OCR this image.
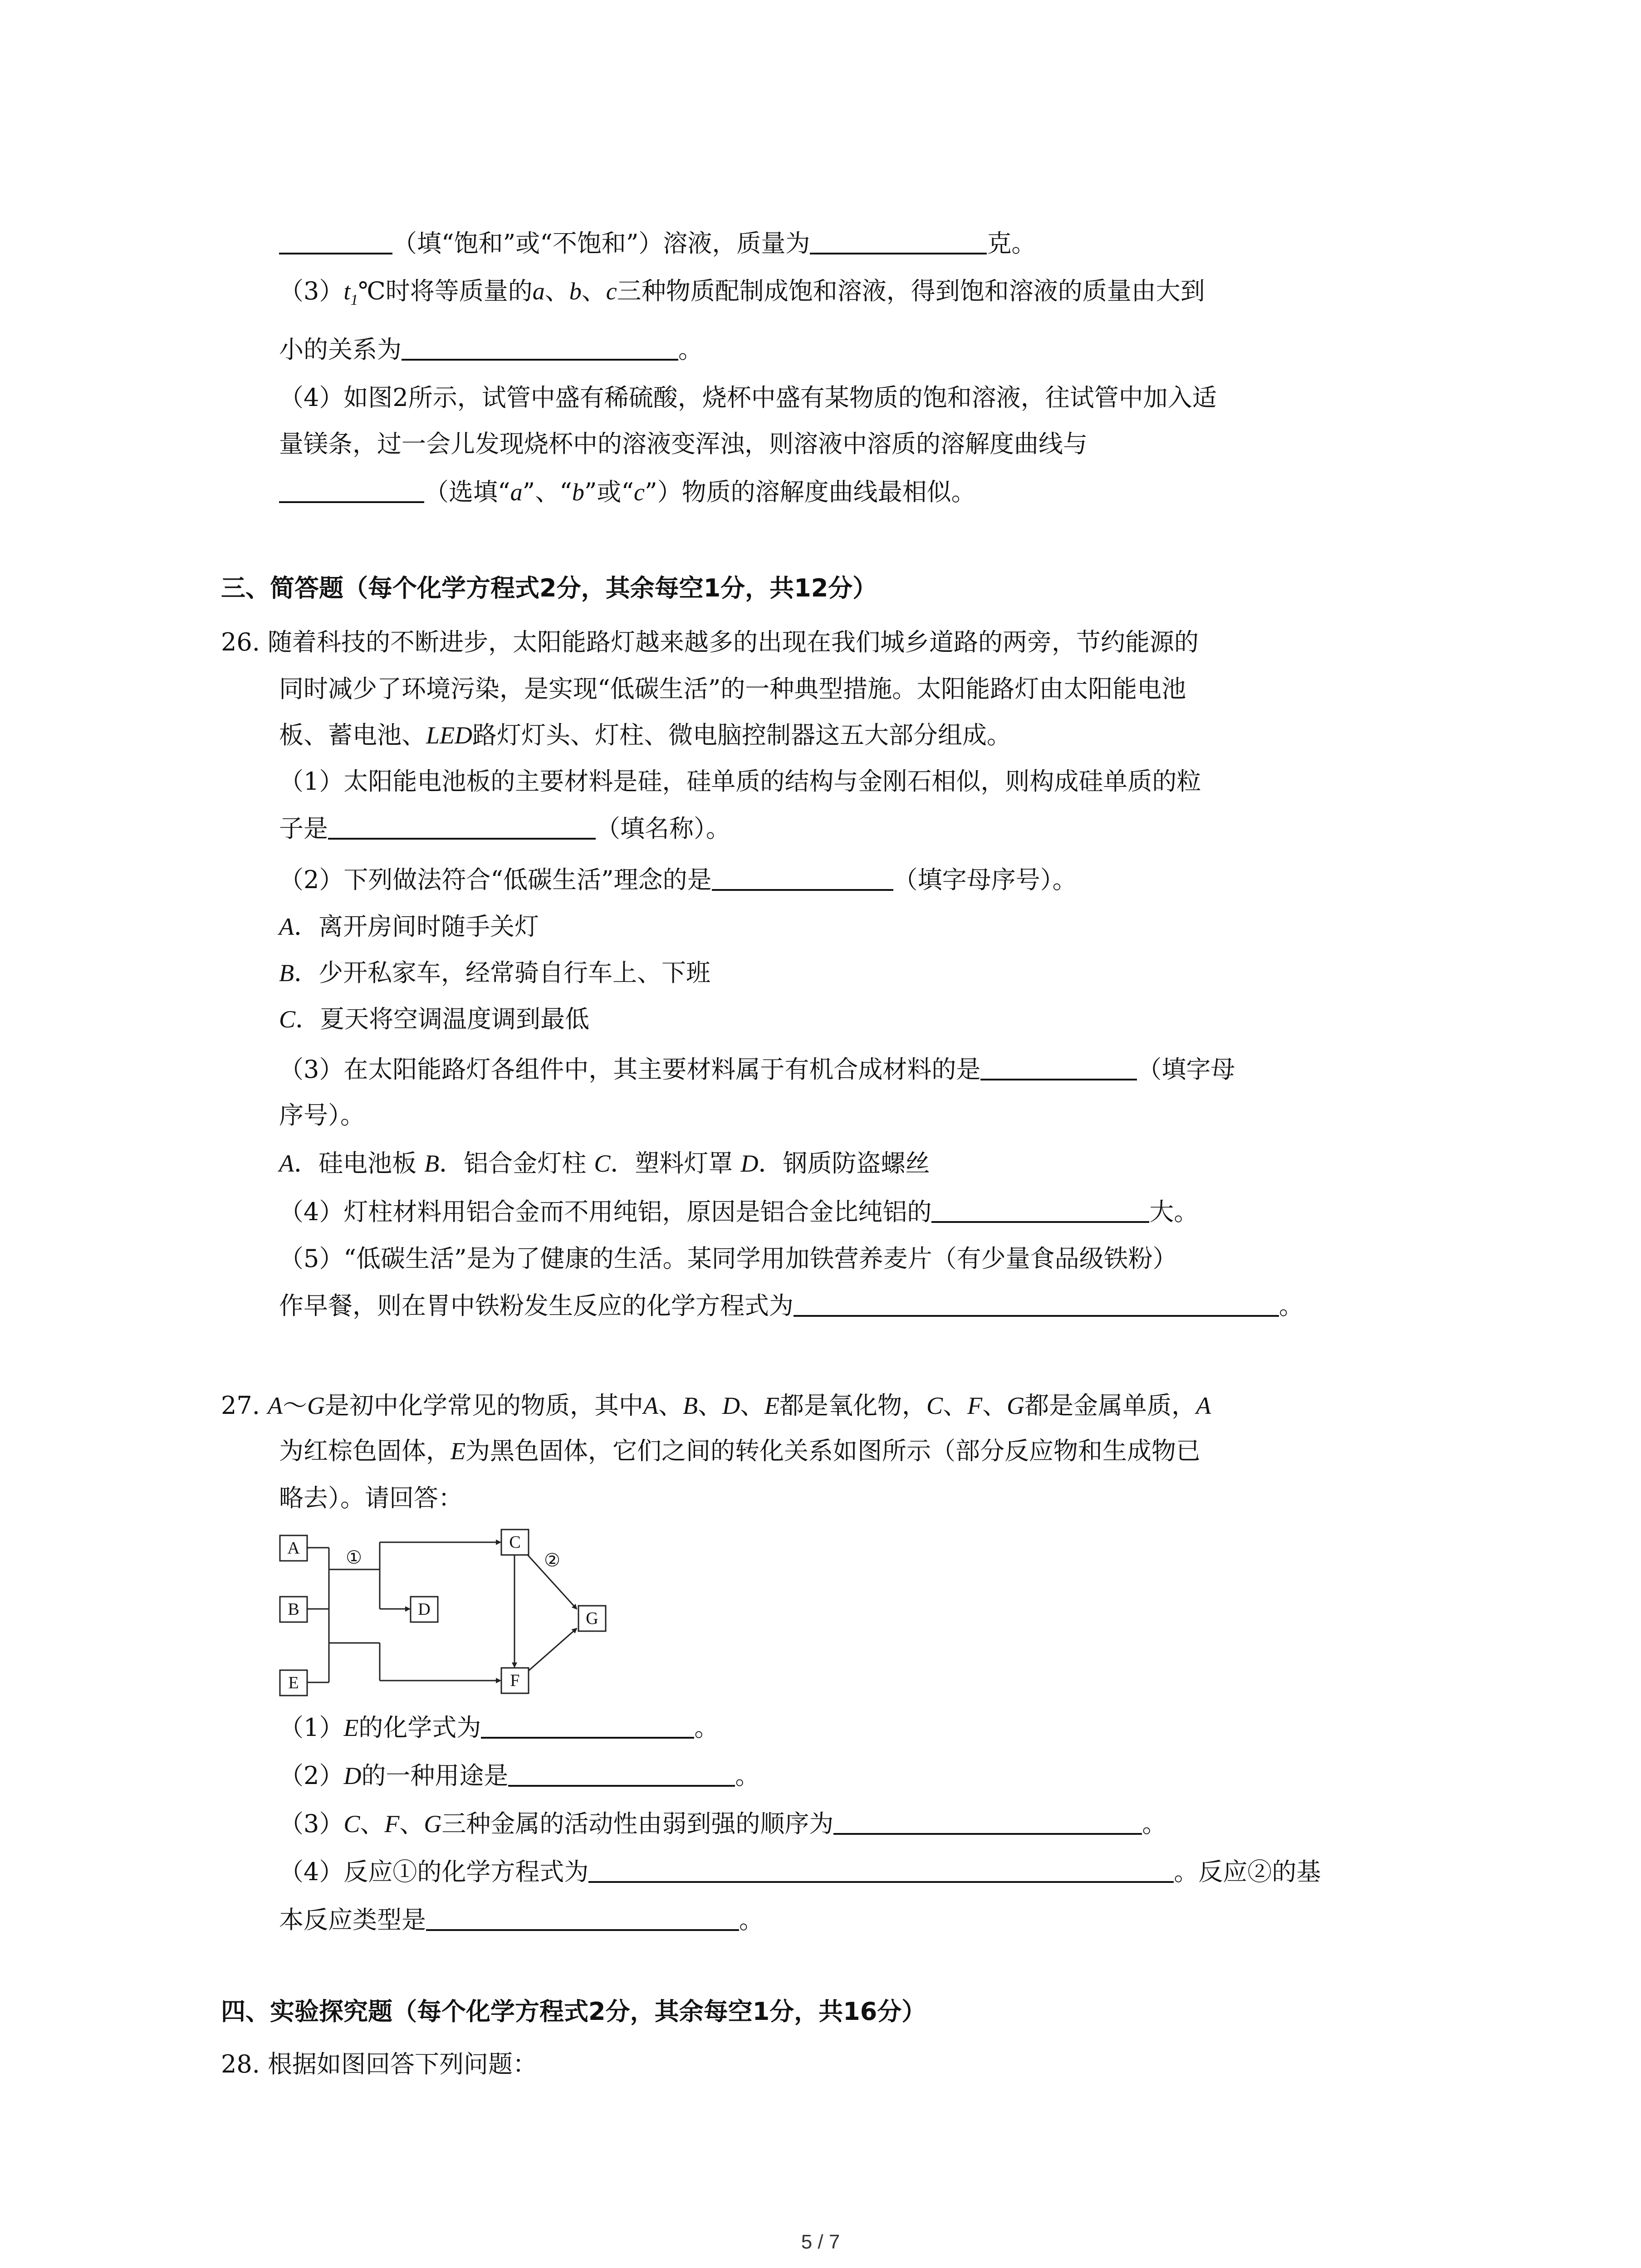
（填“饱和”或“不饱和”）溶液，质量为	克。
$(3)t_1℃$时将等质量的a、b、c三种物质配制成饱和溶液，得到饱和溶液的质量由大到
小的关系为	。
（4）如图2所示，试管中盛有稀硫酸，烧杯中盛有某物质的饱和溶液，往试管中加入适
量镁条，过一会儿发现烧杯中的溶液变浑浊，则溶液中溶质的溶解度曲线与
（选填“a”、“b”或“c”）物质的溶解度曲线最相似。
三、简答题（每个化学方程式2分，其余每空1分，共12分）
26. 随着科技的不断进步，太阳能路灯越来越多的出现在我们城乡道路的两旁，节约能源的
同时减少了环境污染，是实现“低碳生活”的一种典型措施。太阳能路灯由太阳能电池
板、蓄电池、LED路灯灯头、灯柱、微电脑控制器这五大部分组成。
（1）太阳能电池板的主要材料是硅，硅单质的结构与金刚石相似，则构成硅单质的粒
子是	（填名称）。
（2）下列做法符合“低碳生活”理念的是	（填字母序号）。
A．离开房间时随手关灯
B．少开私家车，经常骑自行车上、下班
C．夏天将空调温度调到最低
（3）在太阳能路灯各组件中，其主要材料属于有机合成材料的是	（填字母
序号）。
A．硅电池板 B．铝合金灯柱 C．塑料灯罩 D．钢质防盗螺丝
（4）灯柱材料用铝合金而不用纯铝，原因是铝合金比纯铝的	大。
（5）“低碳生活”是为了健康的生活。某同学用加铁营养麦片（有少量食品级铁粉）
作早餐，则在胃中铁粉发生反应的化学方程式为	。
27. A～G是初中化学常见的物质，其中A、B、D、E都是氧化物，C、F、G都是金属单质，A
为红棕色固体，E为黑色固体，它们之间的转化关系如图所示（部分反应物和生成物已
略去）。请回答：
A
B
E
C
D
F
G
①	②
（1）E的化学式为	。
（2）D的一种用途是	。
（3）C、F、G三种金属的活动性由弱到强的顺序为	。
（4）反应①的化学方程式为	。反应②的基
本反应类型是	。
四、实验探究题（每个化学方程式2分，其余每空1分，共16分）
28. 根据如图回答下列问题：
5 / 7
